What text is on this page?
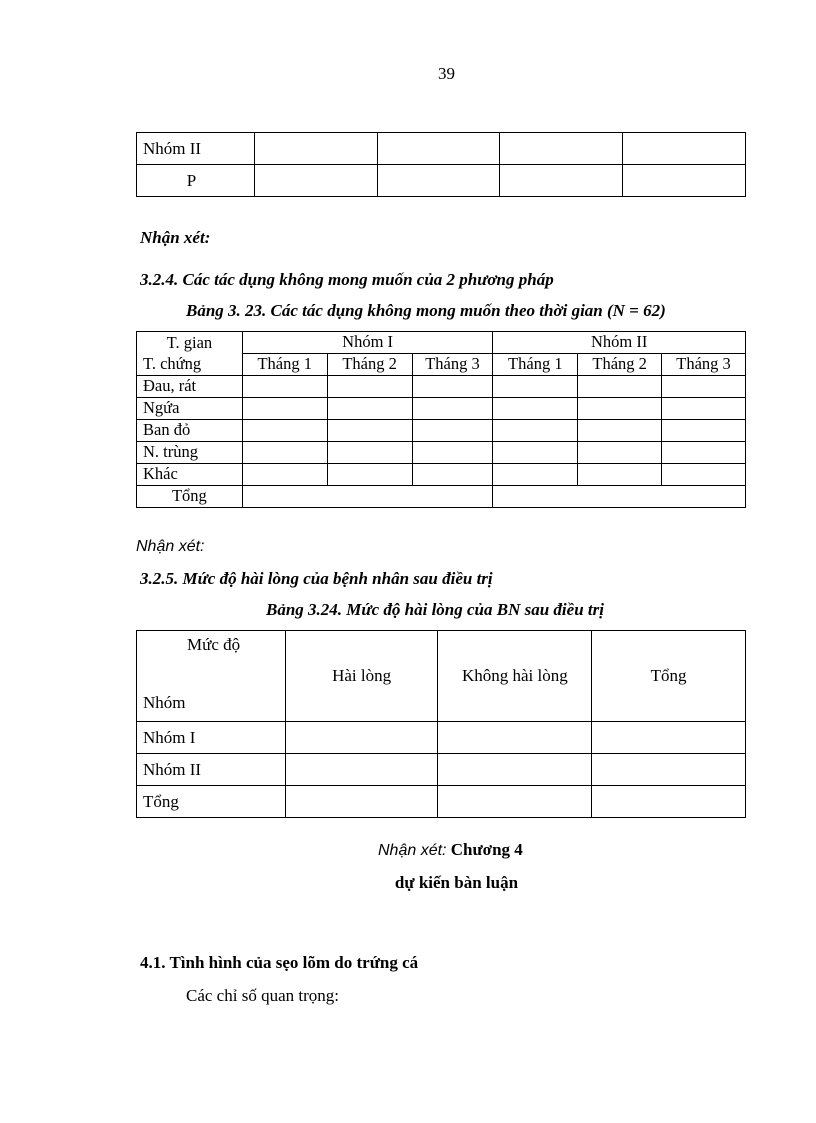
39
Nhóm II				
P				
Nhận xét:
3.2.4. Các tác dụng không mong muốn của 2 phương pháp
Bảng 3. 23. Các tác dụng không mong muốn theo thời gian (N = 62)
T. gian	Nhóm I			Nhóm II		
T. chứng	Tháng 1	Tháng 2	Tháng 3	Tháng 1	Tháng 2	Tháng 3
Đau, rát						
Ngứa						
Ban đỏ						
N. trùng						
Khác						
Tổng						
Nhận xét:
3.2.5. Mức độ hài lòng của bệnh nhân sau điều trị
Bảng 3.24. Mức độ hài lòng của BN sau điều trị
Mức độ
Nhóm	Hài lòng	Không hài lòng	Tổng
Nhóm I			
Nhóm II			
Tổng			
Nhận xét: Chương 4
dự kiến bàn luận
4.1. Tình hình của sẹo lõm do trứng cá
Các chỉ số quan trọng:
